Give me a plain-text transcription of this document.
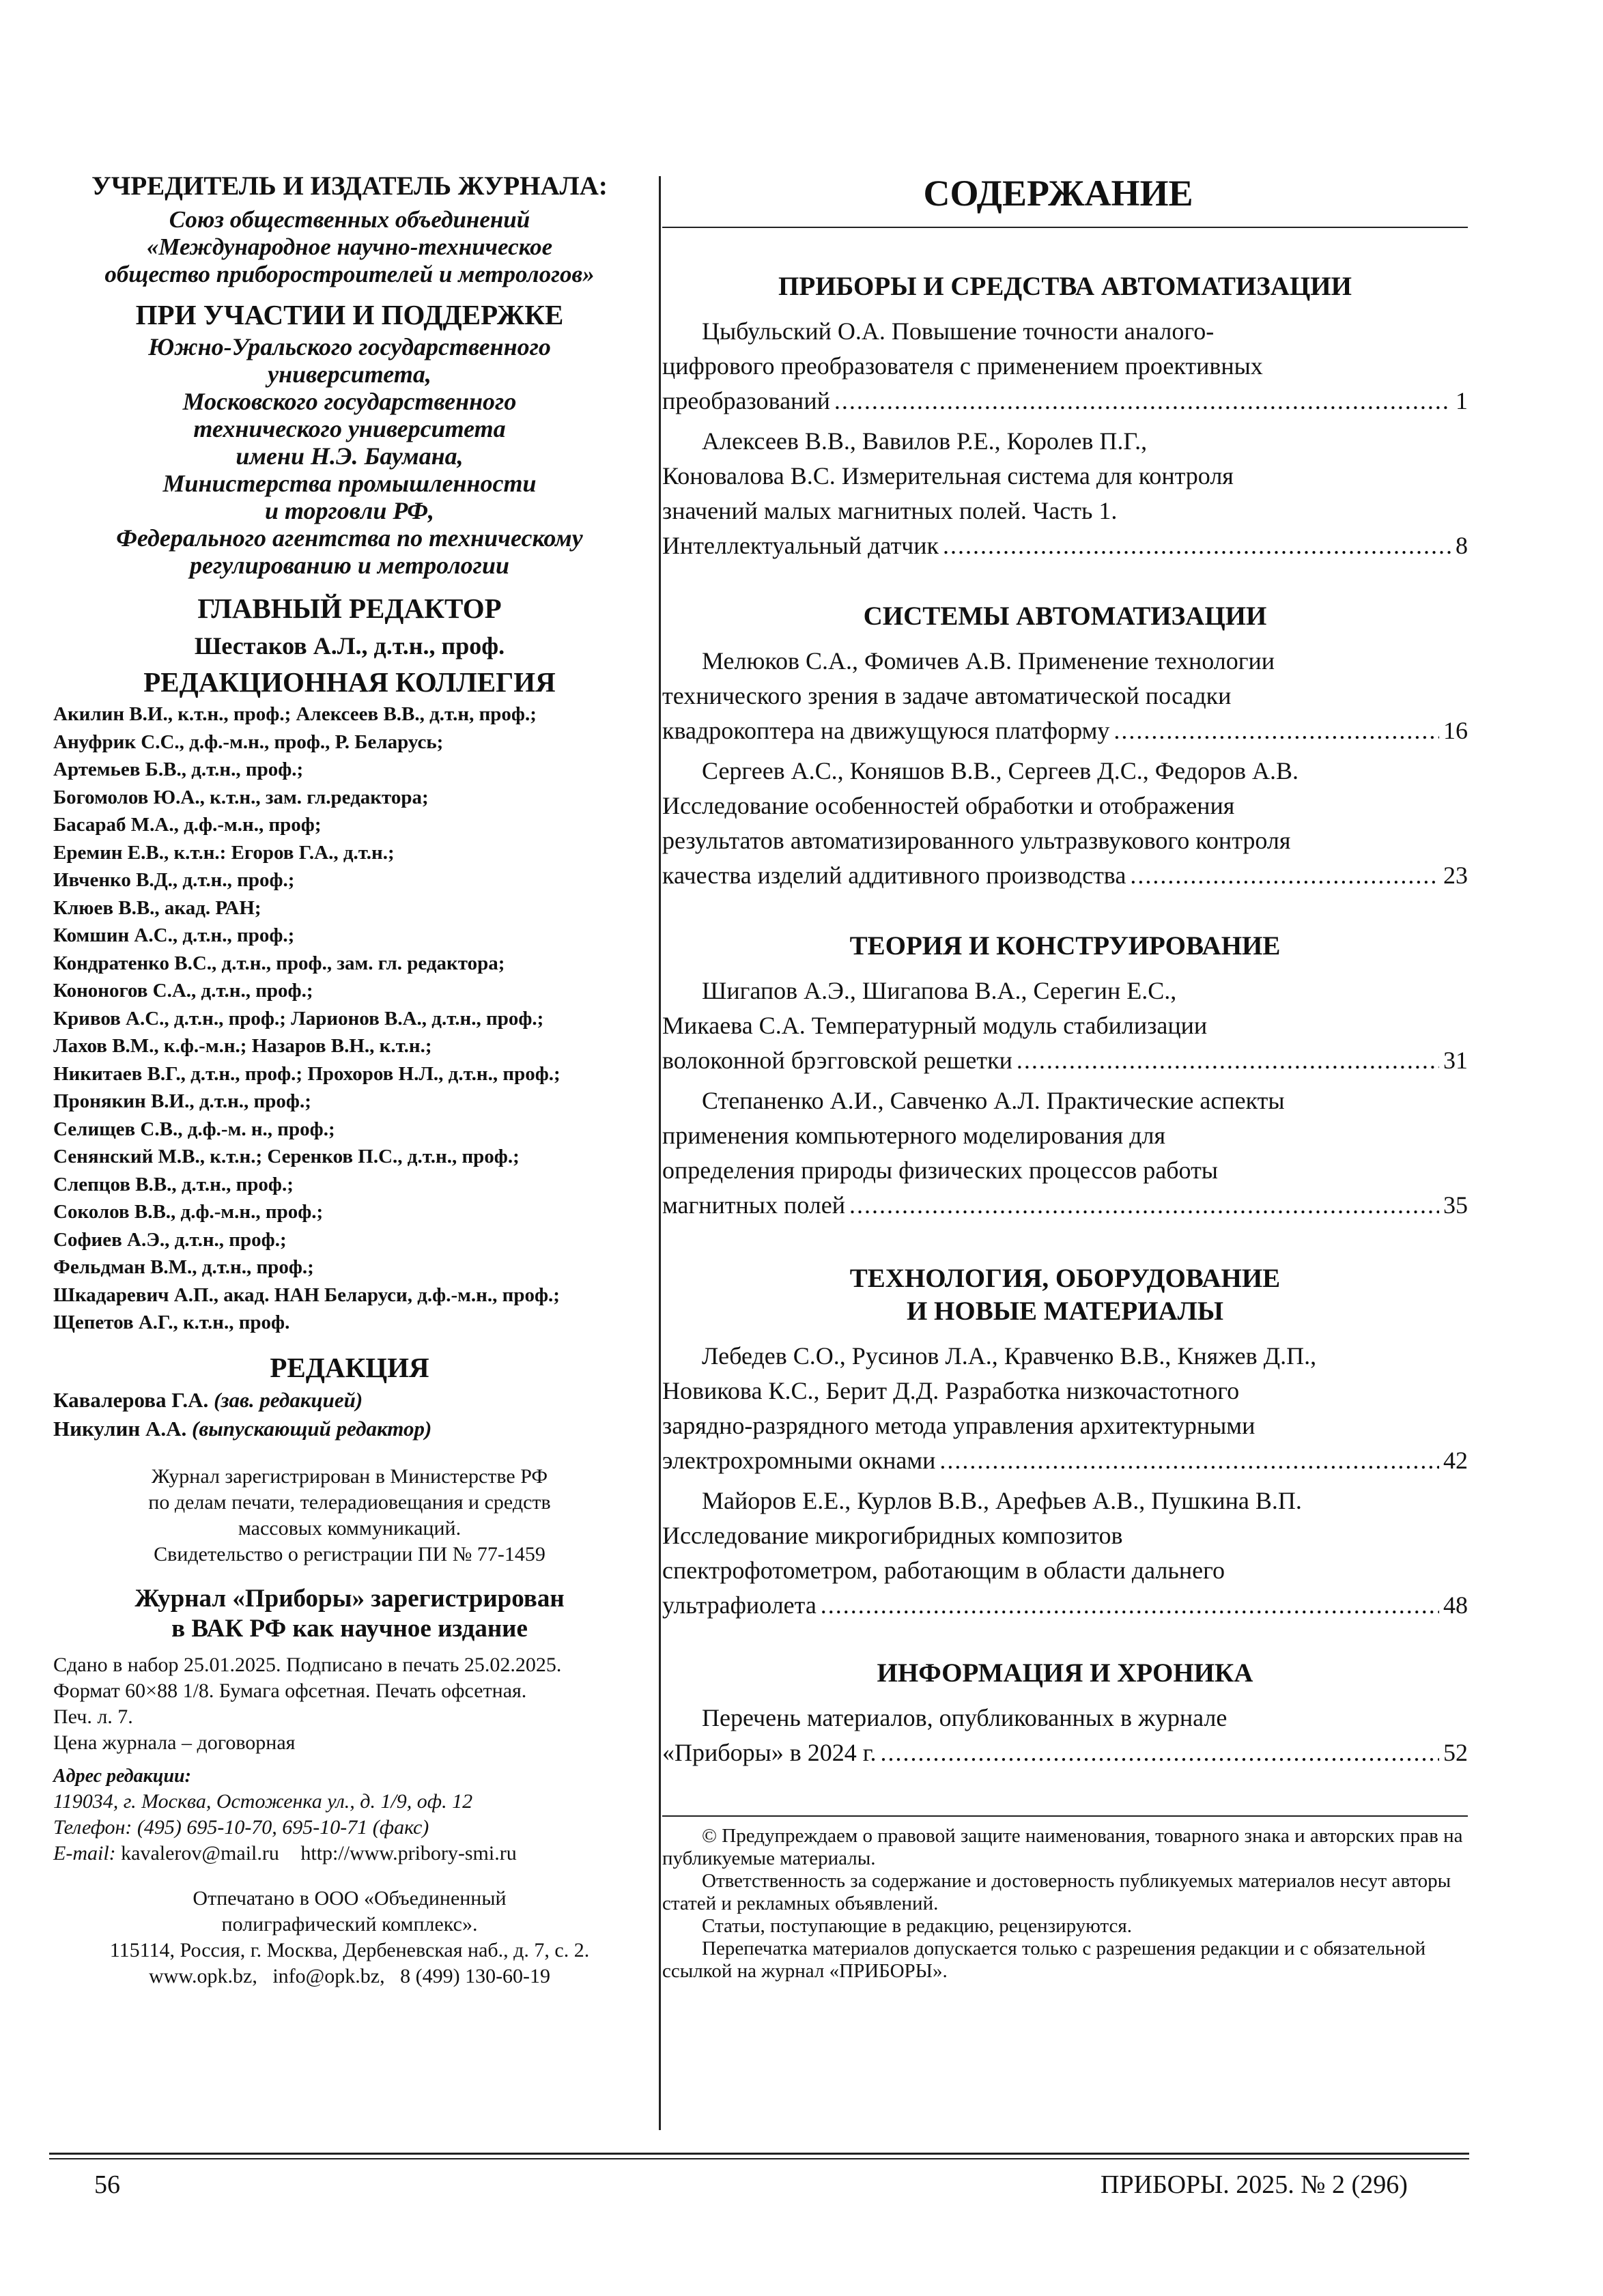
УЧРЕДИТЕЛЬ И ИЗДАТЕЛЬ ЖУРНАЛА:
Союз общественных объединений
«Международное научно-техническое
общество приборостроителей и метрологов»
ПРИ УЧАСТИИ И ПОДДЕРЖКЕ
Южно-Уральского государственного
университета,
Московского государственного
технического университета
имени Н.Э. Баумана,
Министерства промышленности
и торговли РФ,
Федерального агентства по техническому
регулированию и метрологии
ГЛАВНЫЙ РЕДАКТОР
Шестаков А.Л., д.т.н., проф.
РЕДАКЦИОННАЯ КОЛЛЕГИЯ
Акилин В.И., к.т.н., проф.; Алексеев В.В., д.т.н, проф.;
Ануфрик С.С., д.ф.-м.н., проф., Р. Беларусь;
Артемьев Б.В., д.т.н., проф.;
Богомолов Ю.А., к.т.н., зам. гл.редактора;
Басараб М.А., д.ф.-м.н., проф;
Еремин Е.В., к.т.н.: Егоров Г.А., д.т.н.;
Ивченко В.Д., д.т.н., проф.;
Клюев В.В., акад. РАН;
Комшин А.С., д.т.н., проф.;
Кондратенко В.С., д.т.н., проф., зам. гл. редактора;
Кононогов С.А., д.т.н., проф.;
Кривов А.С., д.т.н., проф.; Ларионов В.А., д.т.н., проф.;
Лахов В.М., к.ф.-м.н.; Назаров В.Н., к.т.н.;
Никитаев В.Г., д.т.н., проф.; Прохоров Н.Л., д.т.н., проф.;
Пронякин В.И., д.т.н., проф.;
Селищев С.В., д.ф.-м. н., проф.;
Сенянский М.В., к.т.н.; Серенков П.С., д.т.н., проф.;
Слепцов В.В., д.т.н., проф.;
Соколов В.В., д.ф.-м.н., проф.;
Софиев А.Э., д.т.н., проф.;
Фельдман В.М., д.т.н., проф.;
Шкадаревич А.П., акад. НАН Беларуси, д.ф.-м.н., проф.;
Щепетов А.Г., к.т.н., проф.
РЕДАКЦИЯ
Кавалерова Г.А. (зав. редакцией)
Никулин А.А. (выпускающий редактор)
Журнал зарегистрирован в Министерстве РФ
по делам печати, телерадиовещания и средств
массовых коммуникаций.
Свидетельство о регистрации ПИ № 77-1459
Журнал «Приборы» зарегистрирован
в ВАК РФ как научное издание
Сдано в набор 25.01.2025. Подписано в печать 25.02.2025.
Формат 60×88 1/8. Бумага офсетная. Печать офсетная.
Печ. л. 7.
Цена журнала – договорная
Адрес редакции:
119034, г. Москва, Остоженка ул., д. 1/9, оф. 12
Телефон: (495) 695-10-70, 695-10-71 (факс)
E-mail: kavalerov@mail.ru http://www.pribory-smi.ru
Отпечатано в ООО «Объединенный
полиграфический комплекс».
115114, Россия, г. Москва, Дербеневская наб., д. 7, с. 2.
www.opk.bz,   info@opk.bz,   8 (499) 130-60-19
СОДЕРЖАНИЕ
ПРИБОРЫ И СРЕДСТВА АВТОМАТИЗАЦИИ

Цыбульский О.А. Повышение точности аналого-

цифрового преобразователя с применением проективных

преобразований .....	1

Алексеев В.В., Вавилов Р.Е., Королев П.Г.,

Коновалова В.С. Измерительная система для контроля

значений малых магнитных полей. Часть 1.

Интеллектуальный датчик .....	8
СИСТЕМЫ АВТОМАТИЗАЦИИ

Мелюков С.А., Фомичев А.В. Применение технологии

технического зрения в задаче автоматической посадки

квадрокоптера на движущуюся платформу .....	16

Сергеев А.С., Коняшов В.В., Сергеев Д.С., Федоров А.В.

Исследование особенностей обработки и отображения

результатов автоматизированного ультразвукового контроля

качества изделий аддитивного производства .....	23
ТЕОРИЯ И КОНСТРУИРОВАНИЕ

Шигапов А.Э., Шигапова В.А., Серегин Е.С.,

Микаева С.А. Температурный модуль стабилизации

волоконной брэгговской решетки .....	31

Степаненко А.И., Савченко А.Л. Практические аспекты

применения компьютерного моделирования для

определения природы физических процессов работы

магнитных полей .....	35
ТЕХНОЛОГИЯ, ОБОРУДОВАНИЕ
И НОВЫЕ МАТЕРИАЛЫ

Лебедев С.О., Русинов Л.А., Кравченко В.В., Княжев Д.П.,

Новикова К.С., Берит Д.Д. Разработка низкочастотного

зарядно-разрядного метода управления архитектурными

электрохромными окнами .....	42

Майоров Е.Е., Курлов В.В., Арефьев А.В., Пушкина В.П.

Исследование микрогибридных композитов

спектрофотометром, работающим в области дальнего

ультрафиолета .....	48
ИНФОРМАЦИЯ И ХРОНИКА

Перечень материалов, опубликованных в журнале

«Приборы» в 2024 г. .....	52

© Предупреждаем о правовой защите наименования, товарного знака и авторских прав на публикуемые материалы.

Ответственность за содержание и достоверность публикуемых материалов несут авторы статей и рекламных объявлений.

Статьи, поступающие в редакцию, рецензируются.

Перепечатка материалов допускается только с разрешения редакции и с обязательной ссылкой на журнал «ПРИБОРЫ».

56	ПРИБОРЫ. 2025. № 2 (296)
